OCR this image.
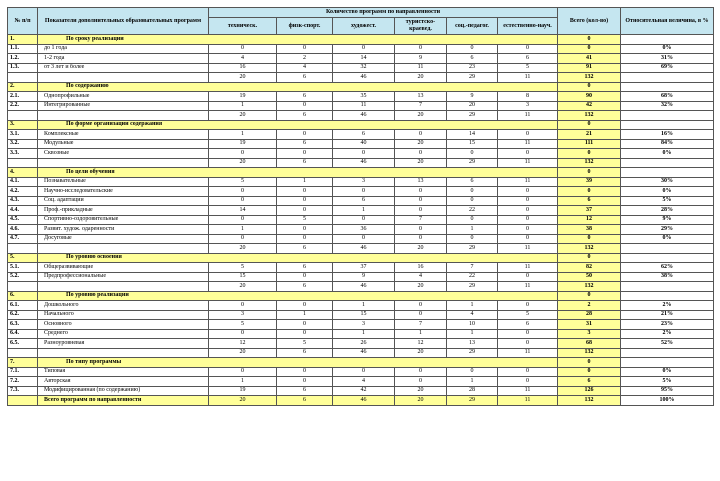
№ п/п	Показатели дополнительных образовательных программ	Количество программ по направленности						Всего (кол-во)	Относительная величина, в %
		техническ.	физк-спорт.	художест.	туристско-краевед.	соц.-педагог.	естественно-науч.		
1.	По сроку реализации							0	
1.1.	до 1 года	0	0	0	0	0	0	0	0%
1.2.	1-2 года	4	2	14	9	6	6	41	31%
1.3.	от 3 лет и более	16	4	32	11	23	5	91	69%
		20	6	46	20	29	11	132	
2.	По содержанию							0	
2.1.	Однопрофильные	19	6	35	13	9	8	90	68%
2.2.	Интегрированные	1	0	11	7	20	3	42	32%
		20	6	46	20	29	11	132	
3.	По форме организации содержания							0	
3.1.	Комплексные	1	0	6	0	14	0	21	16%
3.2.	Модульные	19	6	40	20	15	11	111	84%
3.3.	Сквозные	0	0	0	0	0	0	0	0%
		20	6	46	20	29	11	132	
4.	По цели обучения							0	
4.1.	Познавательные	5	1	3	13	6	11	39	30%
4.2.	Научно-исследовательские	0	0	0	0	0	0	0	0%
4.3.	Соц. адаптации	0	0	6	0	0	0	6	5%
4.4.	Проф.-прикладные	14	0	1	0	22	0	37	28%
4.5.	Спортивно-оздоровительные	0	5	0	7	0	0	12	9%
4.6.	Развит. худож. одаренности	1	0	36	0	1	0	38	29%
4.7.	Досуговые	0	0	0	0	0	0	0	0%
		20	6	46	20	29	11	132	
5.	По уровню освоения							0	
5.1.	Общеразвивающие	5	6	37	16	7	11	82	62%
5.2.	Предпрофессиональные	15	0	9	4	22	0	50	38%
		20	6	46	20	29	11	132	
6.	По уровню реализации							0	
6.1.	Дошкольного	0	0	1	0	1	0	2	2%
6.2.	Начального	3	1	15	0	4	5	28	21%
6.3.	Основного	5	0	3	7	10	6	31	23%
6.4.	Среднего	0	0	1	1	1	0	3	2%
6.5.	Разноуровневая	12	5	26	12	13	0	68	52%
		20	6	46	20	29	11	132	
7.	По типу программы							0	
7.1.	Типовая	0	0	0	0	0	0	0	0%
7.2.	Авторская	1	0	4	0	1	0	6	5%
7.3.	Модифицированная (по содержанию)	19	6	42	20	28	11	126	95%
	Всего программ по направленности	20	6	46	20	29	11	132	100%
